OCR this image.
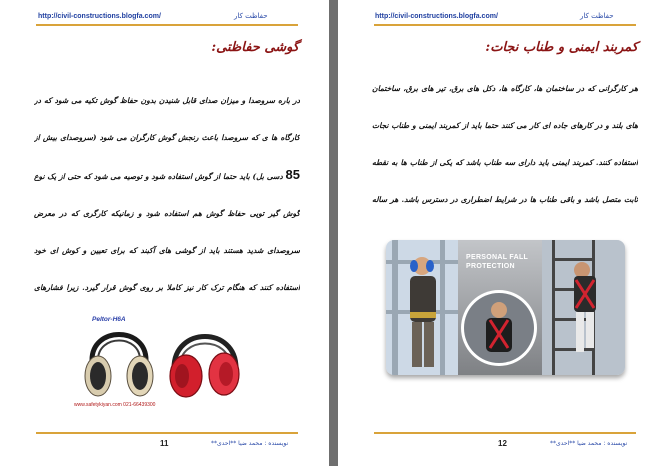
http://civil-constructions.blogfa.com/	حفاظت کار
گوشی حفاظتی:
در باره سروصدا و میزان صدای قابل شنیدن بدون حفاظ گوش تکیه می شود که در کارگاه ها ی که سروصدا باعث رنجش گوش کارگران می شود (سروصدای بیش از 85 دسی بل) باید حتما از گوش استفاده شود و توصیه می شود که حتی از یک نوع گوش گیر تویی حفاظ گوش هم استفاده شود و زمانیکه کارگری که در معرض سروصدای شدید هستند باید از گوشی های آکبند که برای تعیین و کوش ای خود استفاده کنند که هنگام ترک کار نیز کاملا بر روی گوش قرار گیرد. زیرا فشارهای
Peltor-H6A
www.safetykiyan.com 021-66439300
11	نویسنده : محمد ضیا **احدی**
http://civil-constructions.blogfa.com/	حفاظت کار
کمربند ایمنی و طناب نجات:
هر کارگرانی که در ساختمان ها، کارگاه ها، دکل های برق، تیر های برق، ساختمان های بلند و در کارهای جاده ای کار می کنند حتما باید از کمربند ایمنی و طناب نجات استفاده کنند. کمربند ایمنی باید دارای سه طناب باشد که یکی از طناب ها به نقطه ثابت متصل باشد و باقی طناب ها در شرایط اضطراری در دسترس باشد. هر ساله
PERSONAL FALL
PROTECTION
12	نویسنده : محمد ضیا **احدی**
